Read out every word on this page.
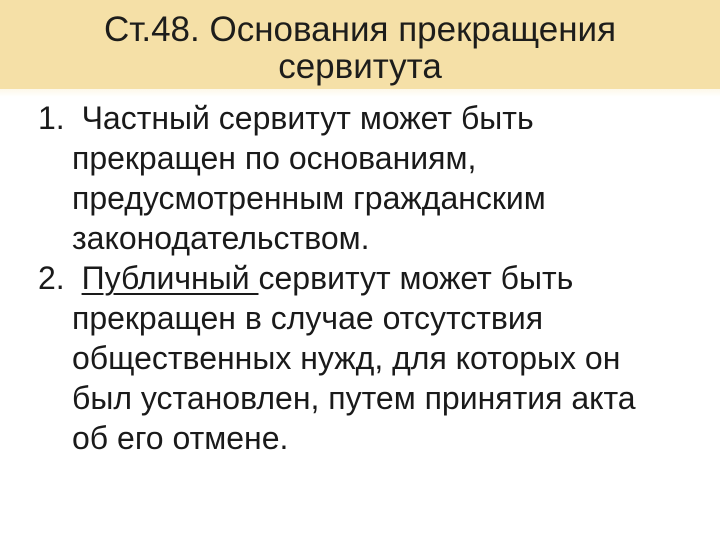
Ст.48. Основания прекращения
сервитута

1. Частный сервитут может быть прекращен по основаниям, предусмотренным гражданским законодательством.

2. Публичный сервитут может быть прекращен в случае отсутствия общественных нужд, для которых он был установлен, путем принятия акта об его отмене.
